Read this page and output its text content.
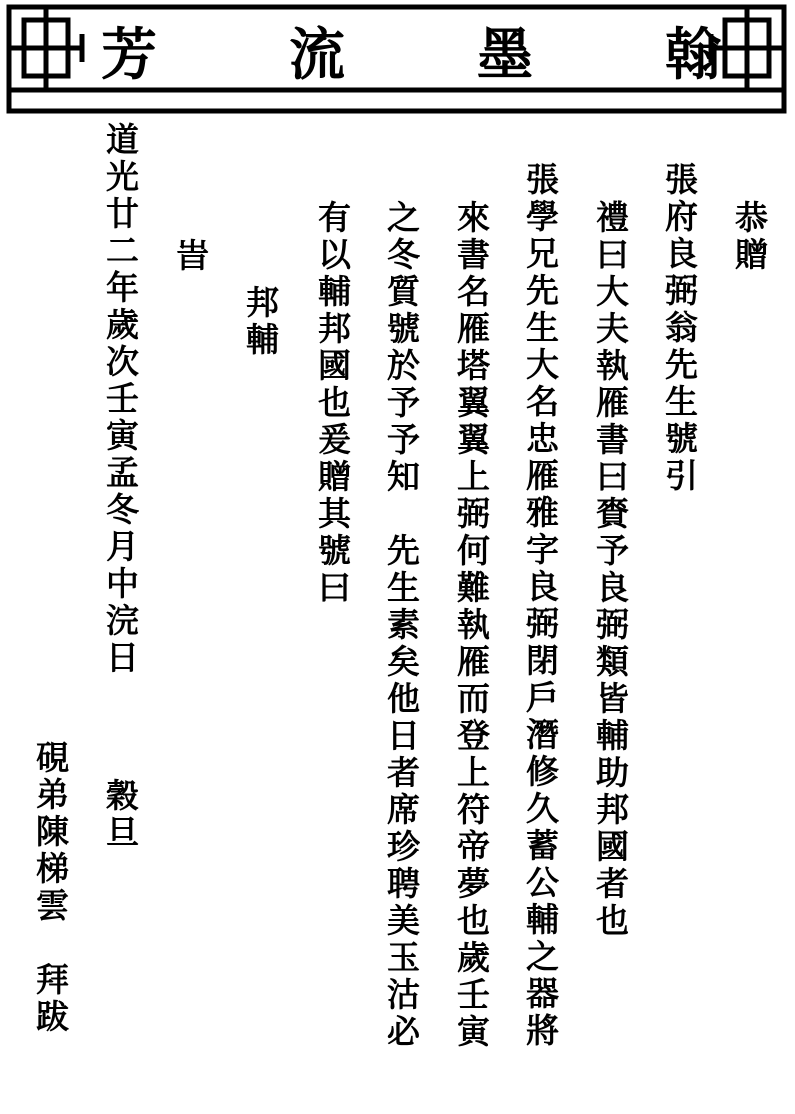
翰
墨
流
芳
恭贈
張府良弼翁先生號引
禮曰大夫執雁書曰賚予良弼類皆輔助邦國者也
張學兄先生大名忠雁雅字良弼閉戶潛修久蓄公輔之器將
來書名雁塔翼翼上弼何難執雁而登上符帝夢也歲壬寅
之冬質號於予予知　先生素矣他日者席珍聘美玉沽必
有以輔邦國也爰贈其號曰
邦輔
旹
道光廿二年歲次壬寅孟冬月中浣日
穀旦
硯弟陳梯雲　拜跋
